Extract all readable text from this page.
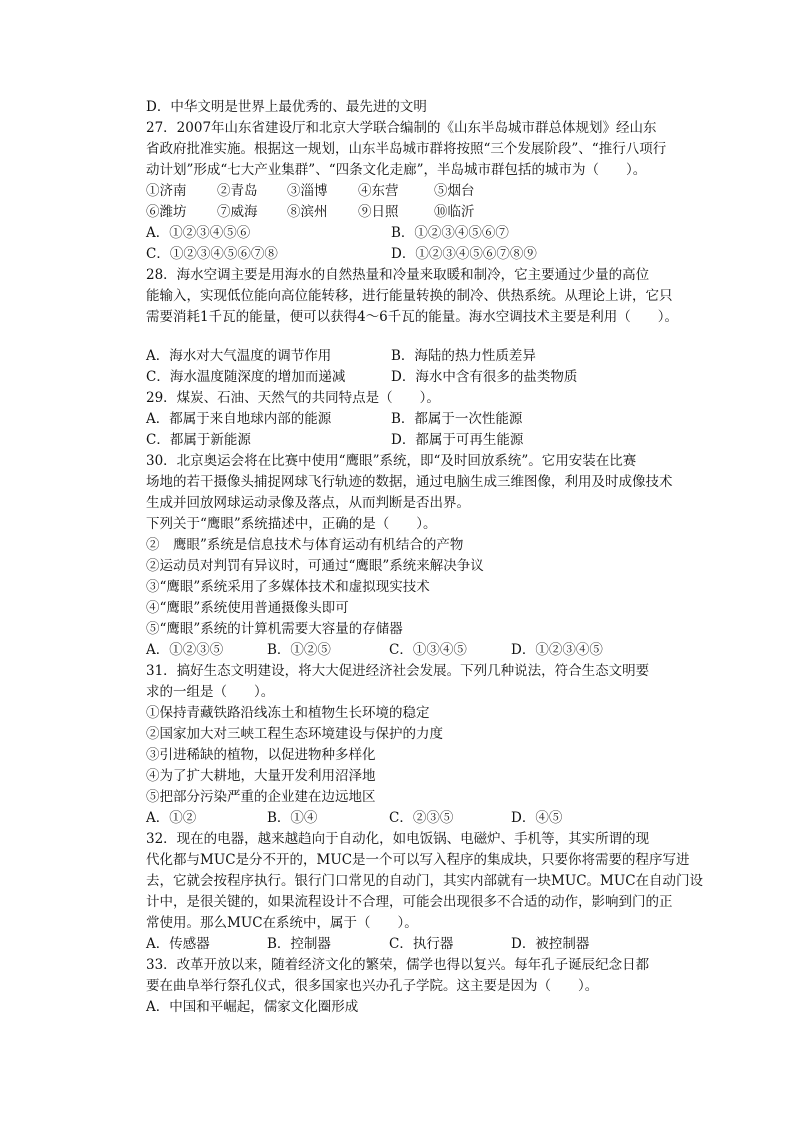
D．中华文明是世界上最优秀的、最先进的文明
27．2007年山东省建设厅和北京大学联合编制的《山东半岛城市群总体规划》经山东
省政府批准实施。根据这一规划，山东半岛城市群将按照“三个发展阶段”、“推行八项行
动计划”形成“七大产业集群”、“四条文化走廊”，半岛城市群包括的城市为（　　）。
①济南 ②青岛 ③淄博 ④东营	⑤烟台
⑥潍坊 ⑦威海 ⑧滨州 ⑨日照	⑩临沂
A．①②③④⑤⑥	B．①②③④⑤⑥⑦
C．①②③④⑤⑥⑦⑧	D．①②③④⑤⑥⑦⑧⑨
28．海水空调主要是用海水的自然热量和冷量来取暖和制冷，它主要通过少量的高位
能输入，实现低位能向高位能转移，进行能量转换的制冷、供热系统。从理论上讲，它只
需要消耗1千瓦的能量，便可以获得4～6千瓦的能量。海水空调技术主要是利用（　　）。
A．海水对大气温度的调节作用	B．海陆的热力性质差异
C．海水温度随深度的增加而递减	D．海水中含有很多的盐类物质
29．煤炭、石油、天然气的共同特点是（　　）。
A．都属于来自地球内部的能源	B．都属于一次性能源
C．都属于新能源	D．都属于可再生能源
30．北京奥运会将在比赛中使用“鹰眼”系统，即“及时回放系统”。它用安装在比赛
场地的若干摄像头捕捉网球飞行轨迹的数据，通过电脑生成三维图像，利用及时成像技术
生成并回放网球运动录像及落点，从而判断是否出界。
下列关于“鹰眼”系统描述中，正确的是（　　）。
②　鹰眼”系统是信息技术与体育运动有机结合的产物
②运动员对判罚有异议时，可通过“鹰眼”系统来解决争议
③“鹰眼”系统采用了多媒体技术和虚拟现实技术
④“鹰眼”系统使用普通摄像头即可
⑤“鹰眼”系统的计算机需要大容量的存储器
A．①②③⑤	B．①②⑤	C．①③④⑤	D．①②③④⑤
31．搞好生态文明建设，将大大促进经济社会发展。下列几种说法，符合生态文明要
求的一组是（　　）。
①保持青藏铁路沿线冻土和植物生长环境的稳定
②国家加大对三峡工程生态环境建设与保护的力度
③引进稀缺的植物，以促进物种多样化
④为了扩大耕地，大量开发利用沼泽地
⑤把部分污染严重的企业建在边远地区
A．①②	B．①④	C．②③⑤	D．④⑤
32．现在的电器，越来越趋向于自动化，如电饭锅、电磁炉、手机等，其实所谓的现
代化都与MUC是分不开的，MUC是一个可以写入程序的集成块，只要你将需要的程序写进
去，它就会按程序执行。银行门口常见的自动门，其实内部就有一块MUC。MUC在自动门设
计中，是很关键的，如果流程设计不合理，可能会出现很多不合适的动作，影响到门的正
常使用。那么MUC在系统中，属于（　　）。
A．传感器	B．控制器	C．执行器	D．被控制器
33．改革开放以来，随着经济文化的繁荣，儒学也得以复兴。每年孔子诞辰纪念日都
要在曲阜举行祭孔仪式，很多国家也兴办孔子学院。这主要是因为（　　）。
A．中国和平崛起，儒家文化圈形成
